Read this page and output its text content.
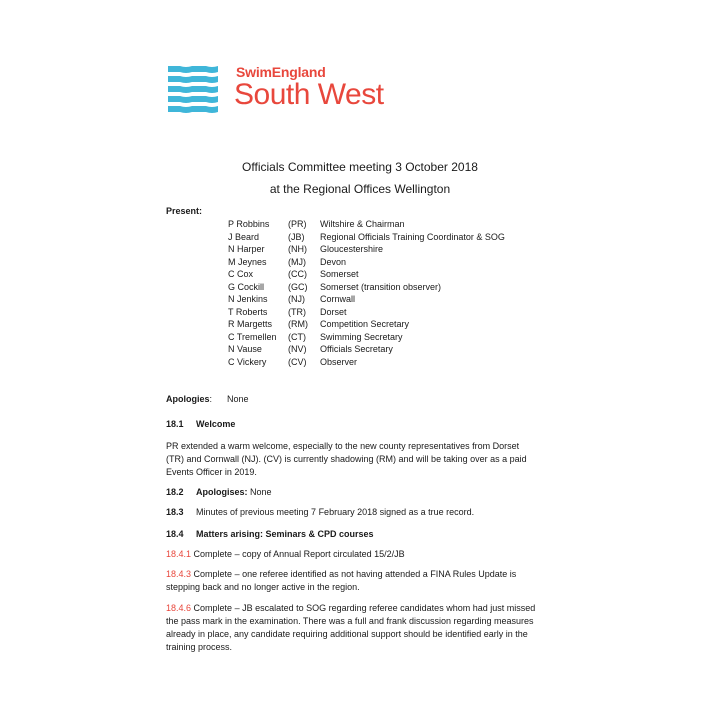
SwimEngland
South West
Officials Committee meeting 3 October 2018
at the Regional Offices Wellington
Present:
P Robbins (PR) Wiltshire & Chairman
J Beard	(JB) Regional Officials Training Coordinator & SOG
N Harper	(NH) Gloucestershire
M Jeynes (MJ) Devon
C Cox	(CC) Somerset
G Cockill	(GC) Somerset (transition observer)
N Jenkins (NJ) Cornwall
T Roberts (TR) Dorset
R Margetts (RM) Competition Secretary
C Tremellen (CT) Swimming Secretary
N Vause	(NV) Officials Secretary
C Vickery (CV) Observer
Apologies:      None
18.1 Welcome
PR extended a warm welcome, especially to the new county representatives from Dorset
(TR) and Cornwall (NJ). (CV) is currently shadowing (RM) and will be taking over as a paid
Events Officer in 2019.
18.2 Apologises: None
18.3 Minutes of previous meeting 7 February 2018 signed as a true record.
18.4 Matters arising: Seminars & CPD courses
18.4.1 Complete – copy of Annual Report circulated 15/2/JB
18.4.3 Complete – one referee identified as not having attended a FINA Rules Update is
stepping back and no longer active in the region.
18.4.6 Complete – JB escalated to SOG regarding referee candidates whom had just missed
the pass mark in the examination. There was a full and frank discussion regarding measures
already in place, any candidate requiring additional support should be identified early in the
training process.
